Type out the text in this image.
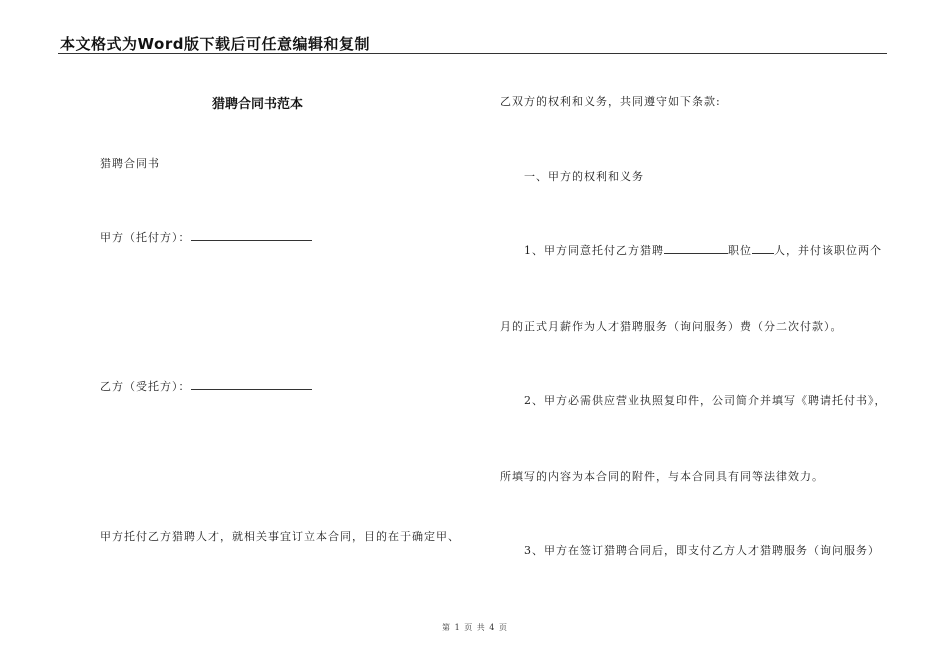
本文格式为Word版下载后可任意编辑和复制
猎聘合同书范本
猎聘合同书
甲方（托付方）：
乙方（受托方）：
甲方托付乙方猎聘人才，就相关事宜订立本合同，目的在于确定甲、
乙双方的权利和义务，共同遵守如下条款:
一、甲方的权利和义务
1、甲方同意托付乙方猎聘	职位 人，并付该职位两个
月的正式月薪作为人才猎聘服务（询问服务）费（分二次付款）。
2、甲方必需供应营业执照复印件，公司简介并填写《聘请托付书》，
所填写的内容为本合同的附件，与本合同具有同等法律效力。
3、甲方在签订猎聘合同后，即支付乙方人才猎聘服务（询问服务）
第 1 页 共 4 页
